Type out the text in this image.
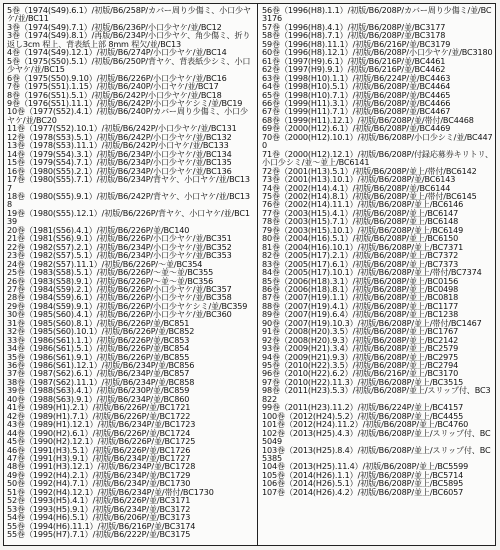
5巻（1974(S49).6.1）/初版/B6/258P/カバー周り少傷ミ、小口少ヤケ/並/BC11
3巻（1974(S49).7.1）/初版/B6/236P/小口少ヤケ/並/BC12
3巻（1974(S49).8.1）/再版/B6/234P/小口少ヤケ、角少傷ミ、折り返し3cm 程上、背表紙上部 8mm 程欠/並/BC13
4巻（1974(S49).12.1）/初版/B6/274P/小口少ヤケ/並/BC14
5巻（1975(S50).5.1）/初版/B6/250P/背ヤケ、背表紙少シミ、小口少ヤケ/並/BC15
6巻（1975(S50).9.10）/初版/B6/226P/小口少ヤケ/並/BC16
7巻（1975(S51).1.15）/初版/B6/240P/小口ヤケ/並/BC17
8巻（1976(S51).5.1）/初版/B6/242P/小口少ヤケ/並/BC18
9巻（1976(S51).11.1）/初版/B6/242P/小口少ヤケシミ/並/BC19
10巻（1977(S52).4.1）/初版/B6/240P/カバー周り少傷ミ、小口少ヤケ/並/BC20
11巻（1977(S52).10.1）/初版/B6/242P/小口少ヤケ/並/BC131
12巻（1978(S53).5.1）/初版/B6/242P/小口少ヤケ/並/BC132
13巻（1978(S53).11.1）/初版/B6/242P/小口ヤケ/並/BC133
14巻（1979(S54).3.1）/初版/B6/234P/小口少ヤケ/並/BC134
15巻（1979(S54).7.1）/初版/B6/234P/小口少ヤケ/並/BC135
16巻（1980(S55).2.1）/初版/B6/234P/小口少ヤケ/並/BC136
17巻（1980(S55).7.1）/初版/B6/234P/背ヤケ、小口ヤケ/並/BC137
18巻（1980(S55).9.1）/初版/B6/242P/背ヤケ、小口ヤケ/並/BC138
19巻（1980(S55).12.1）/初版/B6/226P/背ヤケ、小口ヤケ/並/BC139
20巻（1981(S56).4.1）/初版/B6/226P/並/BC140
21巻（1981(S56).9.1）/初版/B6/226P/小口少ヤケ/並/BC351
22巻（1982(S57).2.1）/初版/B6/234P/小口少ヤケ/並/BC352
23巻（1982(S57).5.1）/初版/B6/234P/小口少ヤケ/並/BC353
24巻（1982(S57).11.1）/初版/B6/226P/～並/BC354
25巻（1983(S58).5.1）/初版/B6/226P/～並～並/BC355
26巻（1983(S58).9.1）/初版/B6/226P/～並～並/BC356
27巻（1984(S59).2.1）/初版/B6/226P/小口少ヤケ/並/BC357
28巻（1984(S59).6.1）/初版/B6/226P/小口少ヤケ/並/BC358
29巻（1984(S59).9.1）/初版/B6/226P/小口少ヤケシミ/並/BC359
30巻（1985(S60).4.1）/初版/B6/226P/小口少ヤケ/並/BC360
31巻（1985(S60).8.1）/初版/B6/226P/並/BC851
32巻（1985(S60).10.1）/初版/B6/226P/並/BC852
33巻（1986(S61).1.1）/初版/B6/226P/並/BC853
34巻（1986(S61).5.1）/初版/B6/226P/並/BC854
35巻（1986(S61).9.1）/初版/B6/226P/並/BC855
36巻（1986(S61).12.1）/初版/B6/234P/並/BC856
37巻（1987(S62).6.1）/初版/B6/234P/並/BC857
38巻（1987(S62).11.1）/初版/B6/234P/並/BC858
39巻（1988(S63).4.1）/初版/B6/230P/並/BC859
40巻（1988(S63).9.1）/初版/B6/234P/並/BC860
41巻（1989(H1).2.1）/初版/B6/226P/並/BC1721
42巻（1989(H1).7.1）/初版/B6/226P/並/BC1722
43巻（1989(H1).12.1）/初版/B6/234P/並/BC1723
44巻（1990(H2).6.1）/初版/B6/226P/並/BC1724
45巻（1990(H2).12.1）/初版/B6/226P/並/BC1725
46巻（1991(H3).5.1）/初版/B6/226P/並/BC1726
47巻（1991(H3).9.1）/初版/B6/234P/並/BC1727
48巻（1991(H3).12.1）/初版/B6/234P/並/BC1728
49巻（1992(H4).2.1）/初版/B6/234P/並/BC1729
50巻（1992(H4).7.1）/初版/B6/234P/並/BC1730
51巻（1992(H4).12.1）/初版/B6/234P/並/帯付/BC1730
52巻（1993(H5).4.1）/初版/B6/226P/並/BC3171
53巻（1993(H5).9.1）/初版/B6/234P/並/BC3172
54巻（1994(H6).5.1）/初版/B6/206P/並/BC3173
55巻（1994(H6).11.1）/初版/B6/216P/並/BC3174
55巻（1995(H7).7.1）/初版/B6/222P/並/BC3175
56巻（1996(H8).1.1）/初版/B6/208P/カバー周り少傷ミ/並/BC3176
57巻（1996(H8).4.1）/初版/B6/208P/並/BC3177
58巻（1996(H8).7.1）/初版/B6/208P/並/BC3178
59巻（1996(H8).11.1）/初版/B6/216P/並/BC3179
60巻（1996(H8).12.1）/初版/B6/208P/小口少ヤケ/並/BC3180
61巻（1997(H9).6.1）/初版/B6/216P/並/BC4461
62巻（1997(H9).9.1）/初版/B6/216P/並/BC4462
63巻（1998(H10).1.1）/初版/B6/224P/並/BC4463
64巻（1998(H10).5.1）/初版/B6/208P/並/BC4464
65巻（1998(H10).7.1）/初版/B6/208P/並/BC4465
66巻（1999(H11).3.1）/初版/B6/208P/並/BC4466
67巻（1999(H11).7.1）/初版/B6/208P/並/BC4467
68巻（1999(H11).12.1）/初版/B6/208P/並/帯付/BC4468
69巻（2000(H12).6.1）/初版/B6/208P/並/BC4469
70巻（2000(H12).10.1）/初版/B6/208P/小口少シミ/並/BC4470
71巻（2000(H12).12.1）/初版/B6/208P/付録応募券キリトリ、小口少シミ/並～並上/BC6141
72巻（2001(H13).5.1）/初版/B6/208P/並上/帯付/BC6142
73巻（2001(H13).10.1）/初版/B6/208P/並/BC6143
74巻（2002(H14).4.1）/初版/B6/208P/並/BC6144
75巻（2002(H14).8.1）/初版/B6/208P/並上/帯付/BC6145
76巻（2002(H14).11.1）/初版/B6/208P/並上/BC6146
77巻（2003(H15).4.1）/初版/B6/208P/並上/BC6147
78巻（2003(H15).7.1）/初版/B6/208P/並上/BC6148
79巻（2003(H15).10.1）/初版/B6/208P/並上/BC6149
80巻（2004(H16).5.1）/初版/B6/208P/並上/BC6150
81巻（2004(H16).10.1）/初版/B6/208P/並上/BC7371
82巻（2005(H17).2.1）/初版/B6/208P/並上/BC7372
83巻（2005(H17).6.1）/初版/B6/208P/並上/BC7373
84巻（2005(H17).10.1）/初版/B6/208P/並上/帯付/BC7374
85巻（2006(H18).3.1）/初版/B6/208P/並上/BC0156
86巻（2006(H18).8.1）/初版/B6/208P/並上/BC0498
87巻（2007(H19).1.1）/初版/B6/208P/並上/BC0818
88巻（2007(H19).4.1）/初版/B6/208P/並上/BC1177
89巻（2007(H19).6.4）/初版/B6/208P/並上/BC1238
90巻（2007(H19).10.3）/初版/B6/208P/並上/帯付/BC1467
91巻（2008(H20).3.5）/初版/B6/208P/並上/BC1767
92巻（2008(H20).9.3）/初版/B6/208P/並上/BC2142
93巻（2009(H21).3.4）/初版/B6/208P/並上/BC2579
94巻（2009(H21).9.3）/初版/B6/208P/並上/BC2975
95巻（2010(H22).3.5）/初版/B6/208P/並上/BC2794
96巻（2010(H22).6.2）/初版/B6/216P/並上/BC3170
97巻（2010(H22).11.3）/初版/B6/208P/並上/BC3515
98巻（2011(H23).5.3）/初版/B6/208P/並上/スリップ付、BC3822
99巻（2011(H23).11.2）/初版/B6/224P/並上/BC4157
100巻（2012(H24).5.2）/初版/B6/208P/並上/BC4455
101巻（2012(H24).11.2）/初版/B6/208P/並上/BC4760
102巻（2013(H25).4.3）/初版/B6/208P/並上/スリップ付、BC5049
103巻（2013(H25).8.4）/初版/B6/208P/並上/スリップ付、BC5385
104巻（2013(H25).11.4）/初版/B6/208P/並上/BC5599
105巻（2014(H26).1.1）/初版/B6/208P/並上/BC5714
106巻（2014(H26).5.1）/初版/B6/208P/並上/BC5895
107巻（2014(H26).4.2）/初版/B6/208P/並上/BC6057
